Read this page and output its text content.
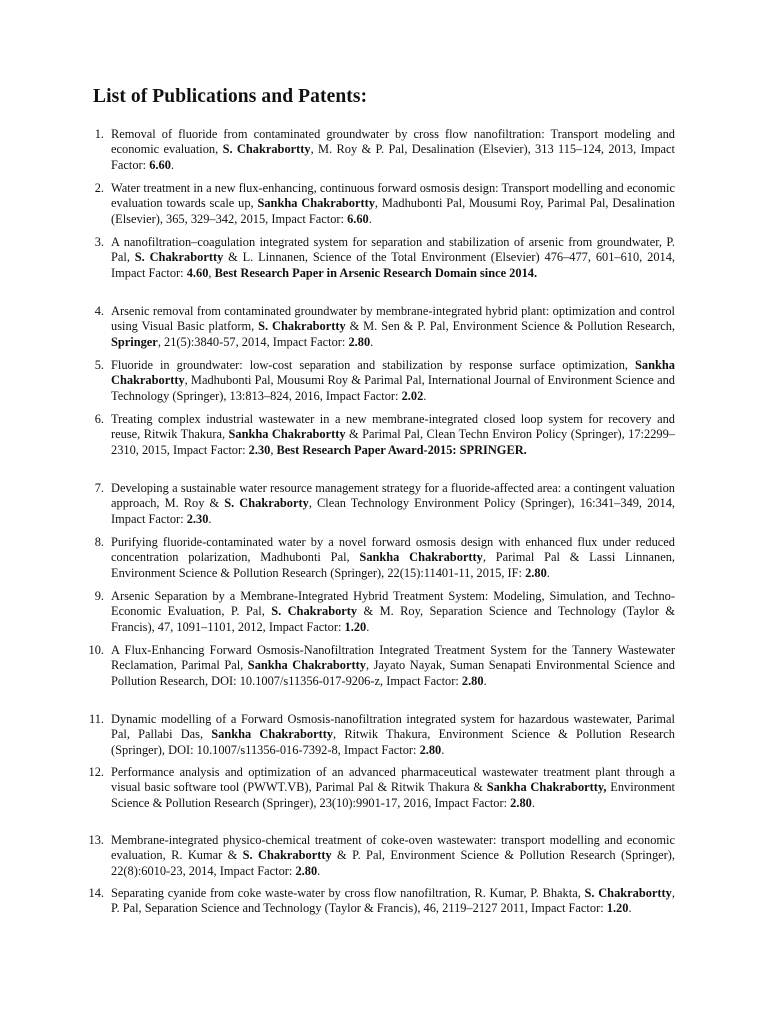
List of Publications and Patents:
1. Removal of fluoride from contaminated groundwater by cross flow nanofiltration: Transport modeling and economic evaluation, S. Chakrabortty, M. Roy & P. Pal, Desalination (Elsevier), 313 115–124, 2013, Impact Factor: 6.60.
2. Water treatment in a new flux-enhancing, continuous forward osmosis design: Transport modelling and economic evaluation towards scale up, Sankha Chakrabortty, Madhubonti Pal, Mousumi Roy, Parimal Pal, Desalination (Elsevier), 365, 329–342, 2015, Impact Factor: 6.60.
3. A nanofiltration–coagulation integrated system for separation and stabilization of arsenic from groundwater, P. Pal, S. Chakrabortty & L. Linnanen, Science of the Total Environment (Elsevier) 476–477, 601–610, 2014, Impact Factor: 4.60, Best Research Paper in Arsenic Research Domain since 2014.
4. Arsenic removal from contaminated groundwater by membrane-integrated hybrid plant: optimization and control using Visual Basic platform, S. Chakrabortty & M. Sen & P. Pal, Environment Science & Pollution Research, Springer, 21(5):3840-57, 2014, Impact Factor: 2.80.
5. Fluoride in groundwater: low-cost separation and stabilization by response surface optimization, Sankha Chakrabortty, Madhubonti Pal, Mousumi Roy & Parimal Pal, International Journal of Environment Science and Technology (Springer), 13:813–824, 2016, Impact Factor: 2.02.
6. Treating complex industrial wastewater in a new membrane-integrated closed loop system for recovery and reuse, Ritwik Thakura, Sankha Chakrabortty & Parimal Pal, Clean Techn Environ Policy (Springer), 17:2299–2310, 2015, Impact Factor: 2.30, Best Research Paper Award-2015: SPRINGER.
7. Developing a sustainable water resource management strategy for a fluoride-affected area: a contingent valuation approach, M. Roy & S. Chakraborty, Clean Technology Environment Policy (Springer), 16:341–349, 2014, Impact Factor: 2.30.
8. Purifying fluoride-contaminated water by a novel forward osmosis design with enhanced flux under reduced concentration polarization, Madhubonti Pal, Sankha Chakrabortty, Parimal Pal & Lassi Linnanen, Environment Science & Pollution Research (Springer), 22(15):11401-11, 2015, IF: 2.80.
9. Arsenic Separation by a Membrane-Integrated Hybrid Treatment System: Modeling, Simulation, and Techno- Economic Evaluation, P. Pal, S. Chakraborty & M. Roy, Separation Science and Technology (Taylor & Francis), 47, 1091–1101, 2012, Impact Factor: 1.20.
10. A Flux-Enhancing Forward Osmosis-Nanofiltration Integrated Treatment System for the Tannery Wastewater Reclamation, Parimal Pal, Sankha Chakrabortty, Jayato Nayak, Suman Senapati Environmental Science and Pollution Research, DOI: 10.1007/s11356-017-9206-z, Impact Factor: 2.80.
11. Dynamic modelling of a Forward Osmosis-nanofiltration integrated system for hazardous wastewater, Parimal Pal, Pallabi Das, Sankha Chakrabortty, Ritwik Thakura, Environment Science & Pollution Research (Springer), DOI: 10.1007/s11356-016-7392-8, Impact Factor: 2.80.
12. Performance analysis and optimization of an advanced pharmaceutical wastewater treatment plant through a visual basic software tool (PWWT.VB), Parimal Pal & Ritwik Thakura & Sankha Chakrabortty, Environment Science & Pollution Research (Springer), 23(10):9901-17, 2016, Impact Factor: 2.80.
13. Membrane-integrated physico-chemical treatment of coke-oven wastewater: transport modelling and economic evaluation, R. Kumar & S. Chakrabortty & P. Pal, Environment Science & Pollution Research (Springer), 22(8):6010-23, 2014, Impact Factor: 2.80.
14. Separating cyanide from coke waste-water by cross flow nanofiltration, R. Kumar, P. Bhakta, S. Chakrabortty, P. Pal, Separation Science and Technology (Taylor & Francis), 46, 2119–2127 2011, Impact Factor: 1.20.
